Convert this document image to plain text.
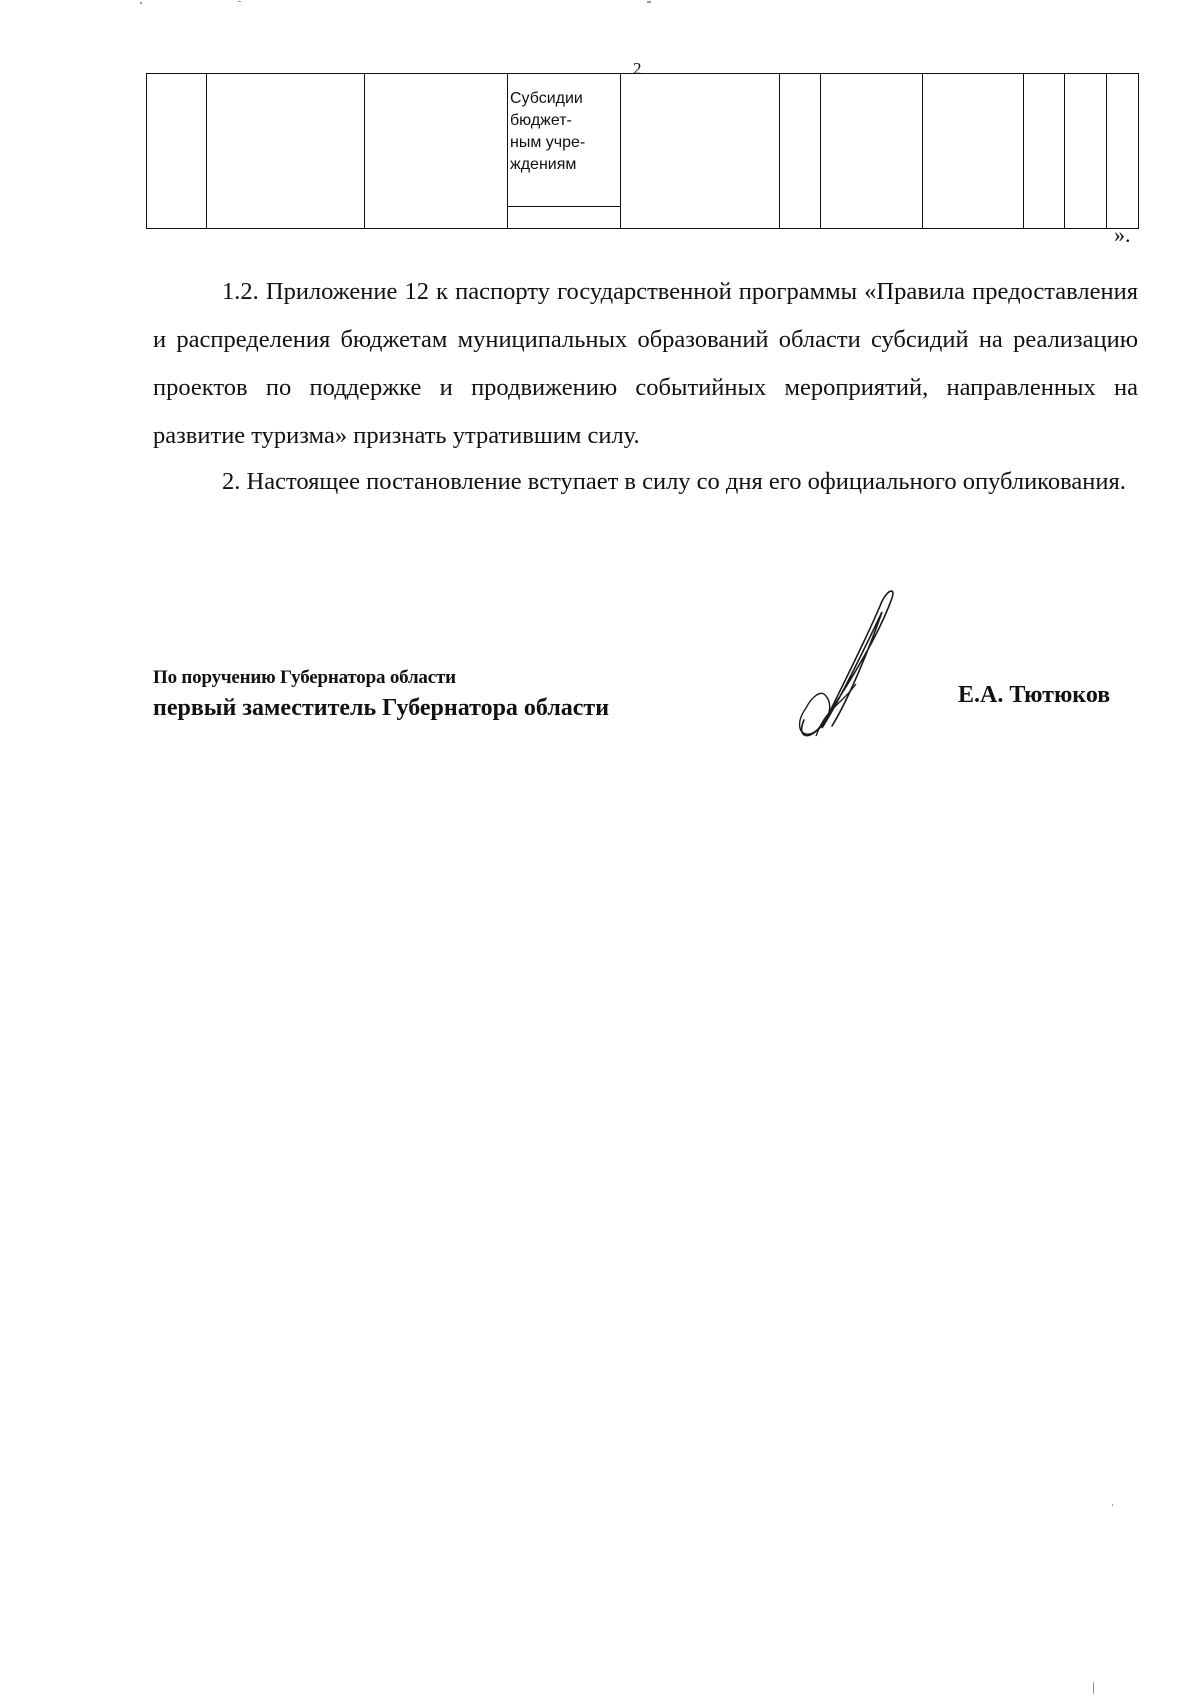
2

Субсидии
бюджет-
ным учре-
ждениям

».

1.2. Приложение 12 к паспорту государственной программы «Правила предоставления и распределения бюджетам муниципальных образований области субсидий на реализацию проектов по поддержке и продвижению событийных мероприятий, направленных на развитие туризма» признать утратившим силу.

2. Настоящее постановление вступает в силу со дня его официального опубликования.

По поручению Губернатора области
первый заместитель Губернатора области	Е.А. Тютюков
